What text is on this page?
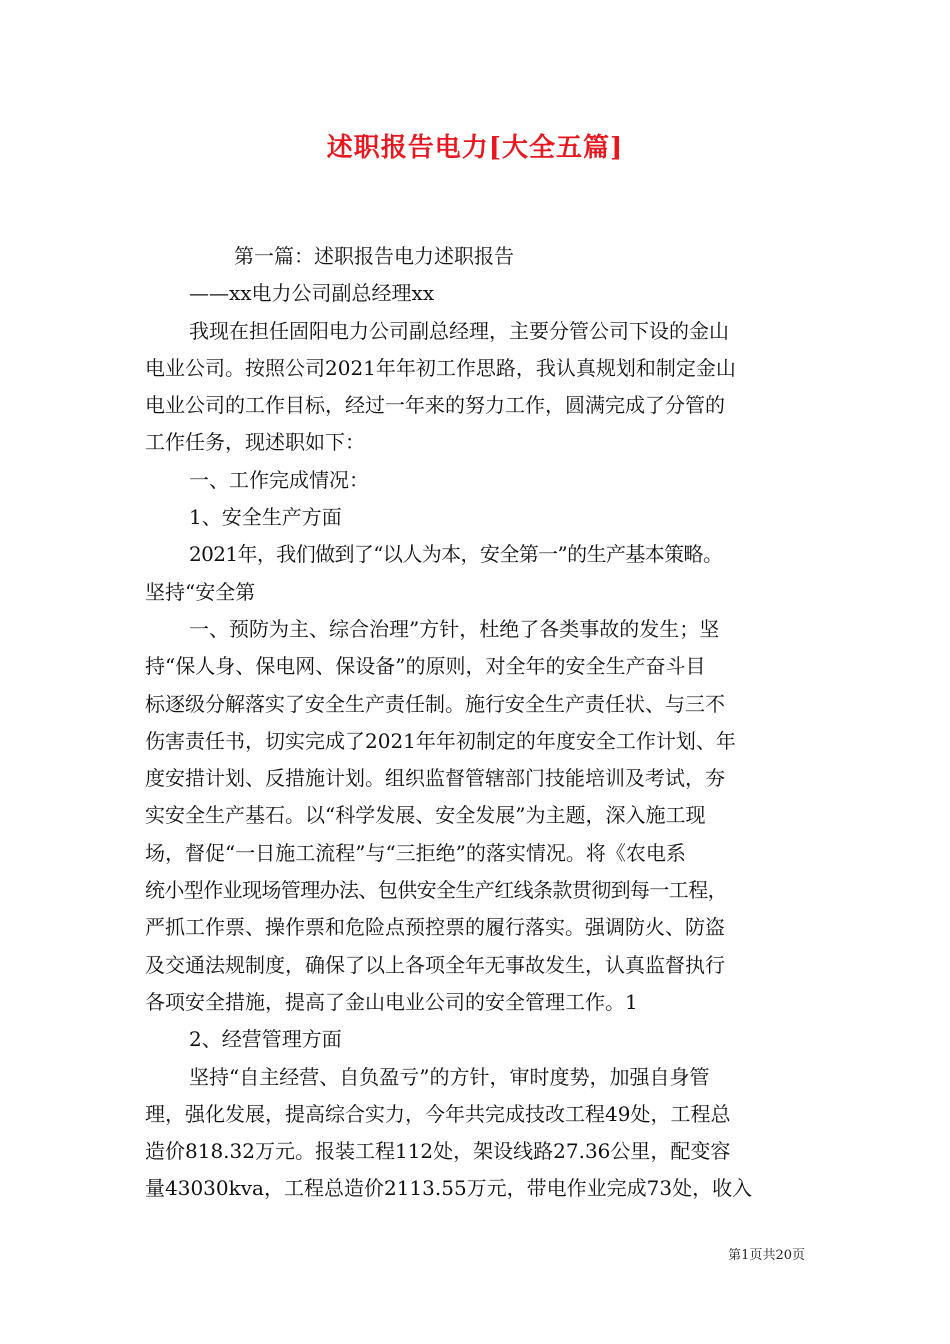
述职报告电力[大全五篇]
第一篇：述职报告电力述职报告
——xx电力公司副总经理xx
我现在担任固阳电力公司副总经理，主要分管公司下设的金山
电业公司。按照公司2021年年初工作思路，我认真规划和制定金山
电业公司的工作目标，经过一年来的努力工作，圆满完成了分管的
工作任务，现述职如下：
一、工作完成情况：
1、安全生产方面
2021年，我们做到了“以人为本，安全第一”的生产基本策略。
坚持“安全第
一、预防为主、综合治理”方针，杜绝了各类事故的发生；坚
持“保人身、保电网、保设备”的原则，对全年的安全生产奋斗目
标逐级分解落实了安全生产责任制。施行安全生产责任状、与三不
伤害责任书，切实完成了2021年年初制定的年度安全工作计划、年
度安措计划、反措施计划。组织监督管辖部门技能培训及考试，夯
实安全生产基石。以“科学发展、安全发展”为主题，深入施工现
场，督促“一日施工流程”与“三拒绝”的落实情况。将《农电系
统小型作业现场管理办法、包供安全生产红线条款贯彻到每一工程，
严抓工作票、操作票和危险点预控票的履行落实。强调防火、防盗
及交通法规制度，确保了以上各项全年无事故发生，认真监督执行
各项安全措施，提高了金山电业公司的安全管理工作。1
2、经营管理方面
坚持“自主经营、自负盈亏”的方针，审时度势，加强自身管
理，强化发展，提高综合实力，今年共完成技改工程49处，工程总
造价818.32万元。报装工程112处，架设线路27.36公里，配变容
量43030kva，工程总造价2113.55万元，带电作业完成73处，收入
第1页共20页
